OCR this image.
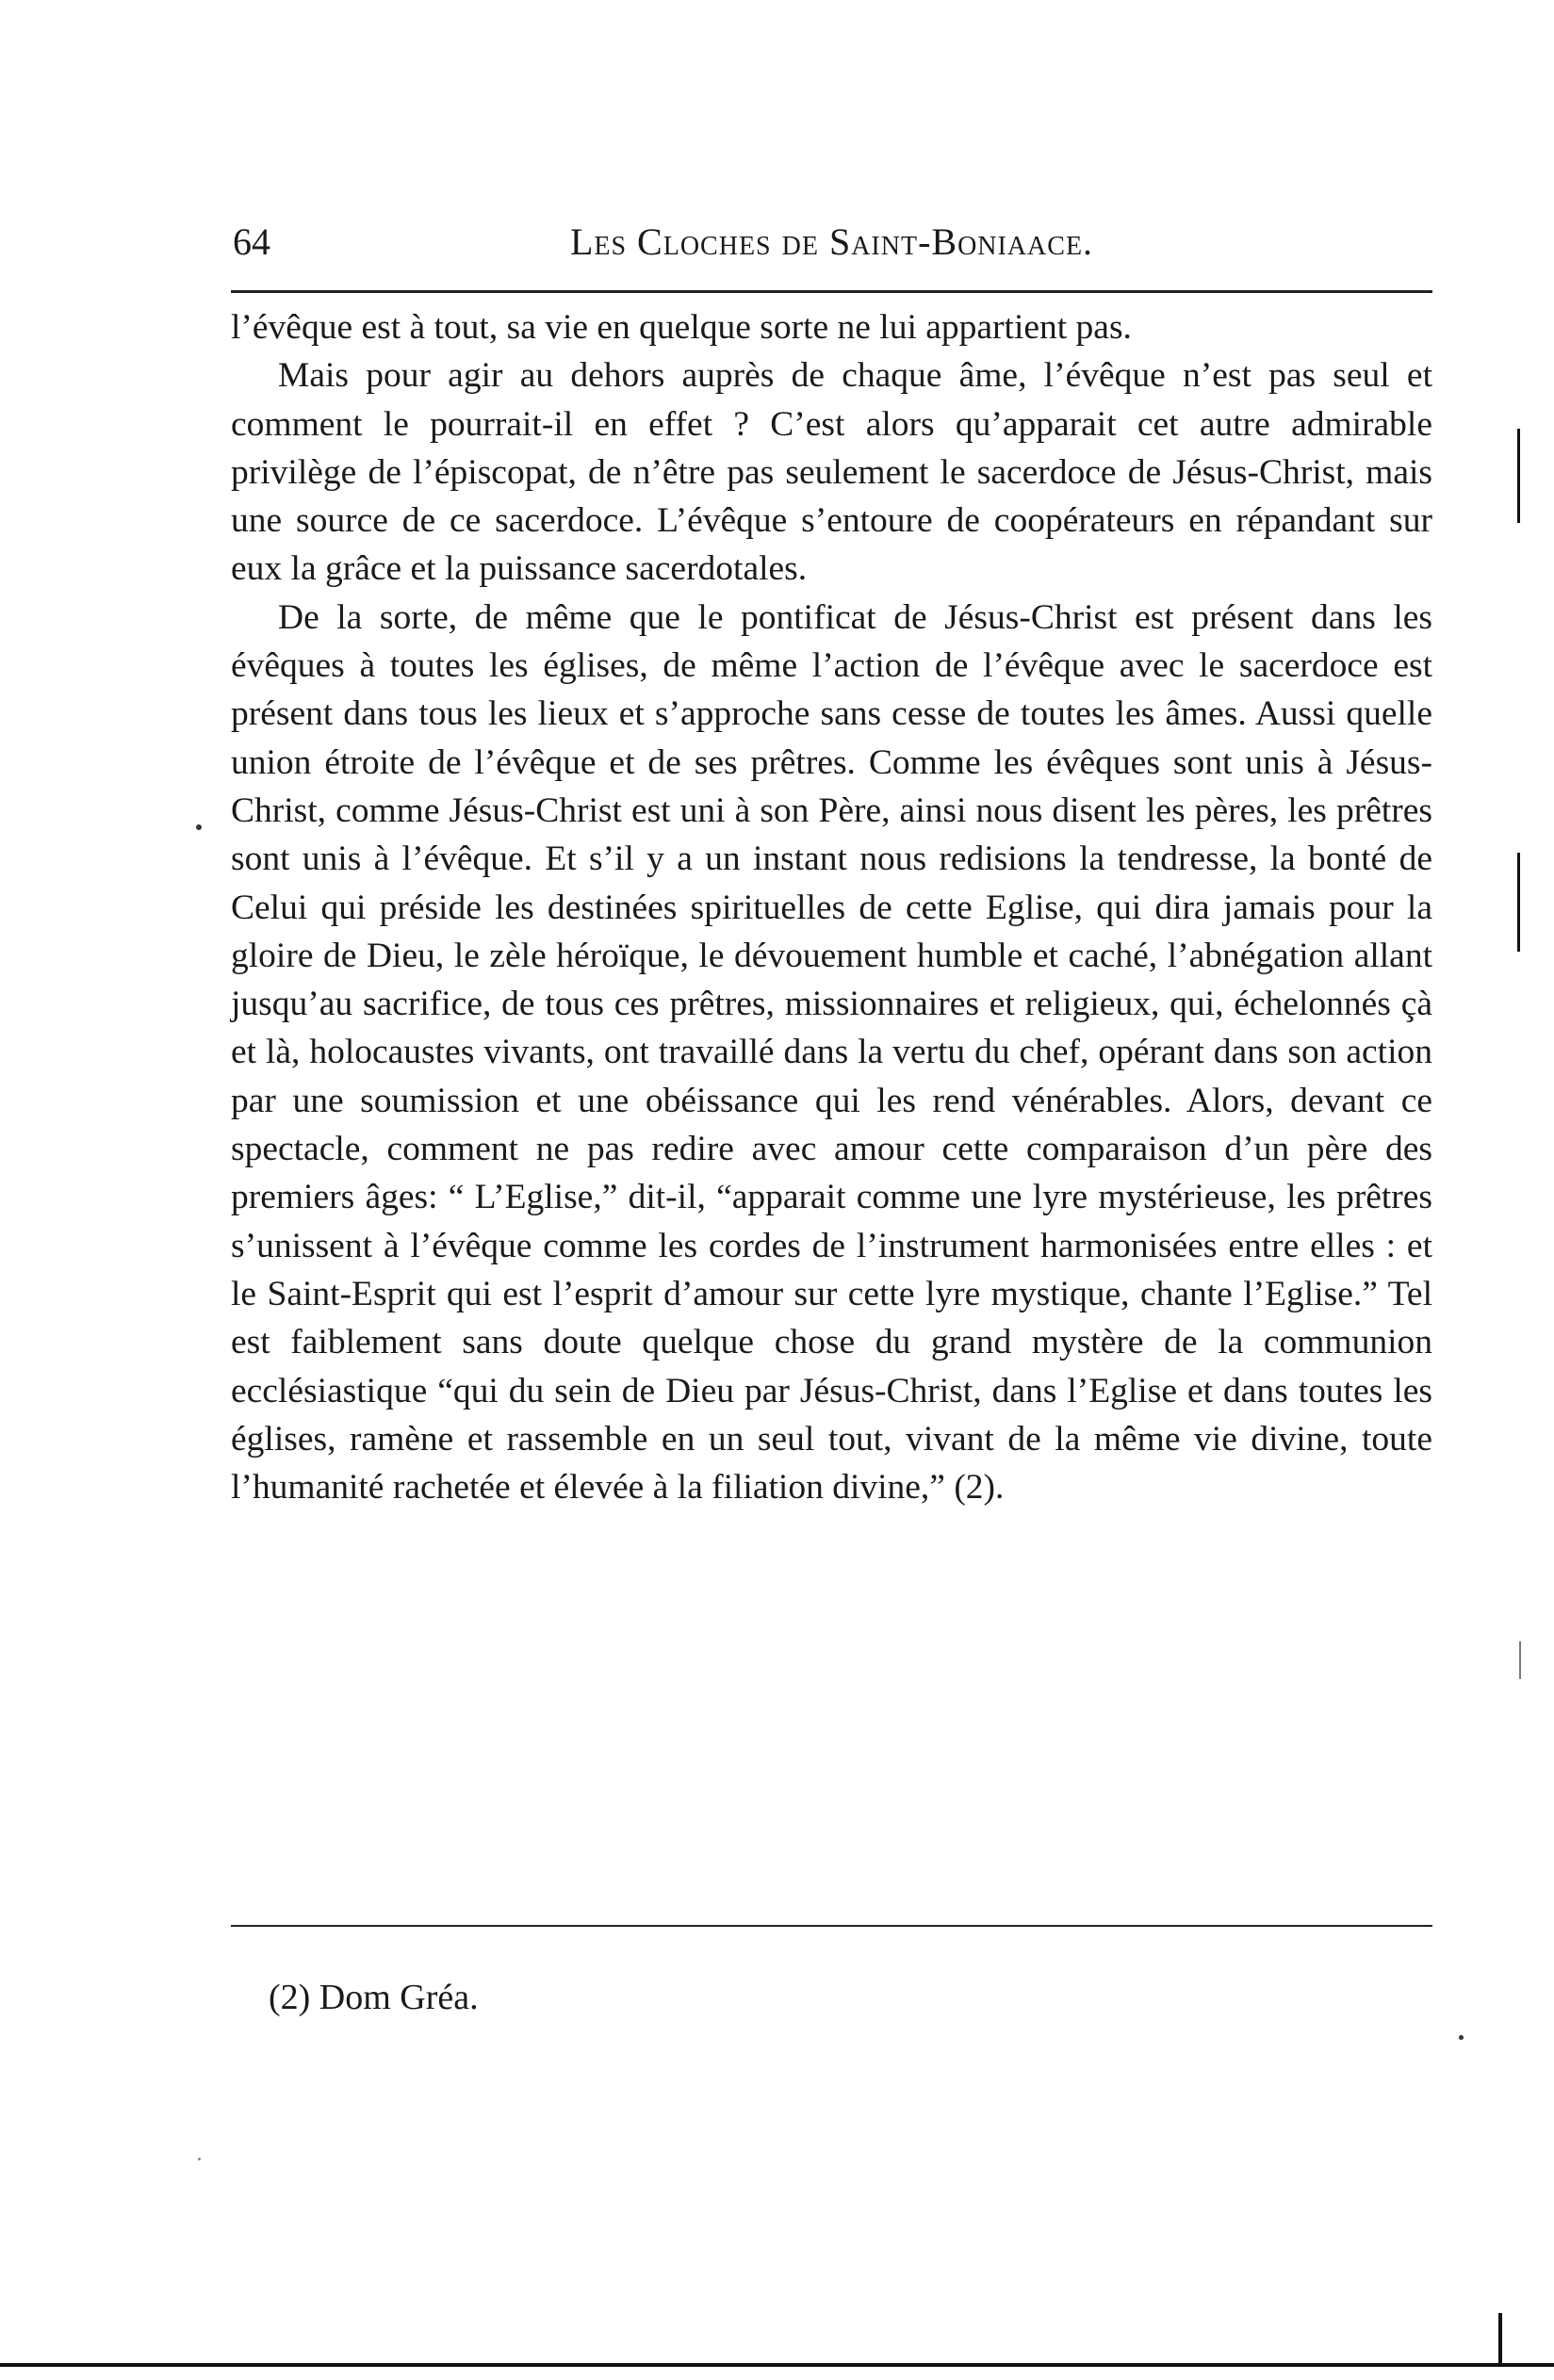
64	Les Cloches de Saint-Boniaace.

l’évêque est à tout, sa vie en quelque sorte ne lui appartient pas.

Mais pour agir au dehors auprès de chaque âme, l’évêque n’est pas seul et comment le pourrait-il en effet ? C’est alors qu’apparait cet autre admirable privilège de l’épiscopat, de n’être pas seulement le sacerdoce de Jésus-Christ, mais une source de ce sacerdoce. L’évêque s’entoure de coopérateurs en répandant sur eux la grâce et la puissance sacerdotales.

De la sorte, de même que le pontificat de Jésus-Christ est présent dans les évêques à toutes les églises, de même l’action de l’évêque avec le sacerdoce est présent dans tous les lieux et s’approche sans cesse de toutes les âmes. Aussi quelle union étroite de l’évêque et de ses prêtres. Comme les évêques sont unis à Jésus-Christ, comme Jésus-Christ est uni à son Père, ainsi nous disent les pères, les prêtres sont unis à l’évêque. Et s’il y a un instant nous redisions la tendresse, la bonté de Celui qui préside les destinées spirituelles de cette Eglise, qui dira jamais pour la gloire de Dieu, le zèle héroïque, le dévouement humble et caché, l’abnégation allant jusqu’au sacrifice, de tous ces prêtres, missionnaires et religieux, qui, échelonnés çà et là, holocaustes vivants, ont travaillé dans la vertu du chef, opérant dans son action par une soumission et une obéissance qui les rend vénérables. Alors, devant ce spectacle, comment ne pas redire avec amour cette comparaison d’un père des premiers âges: “ L’Eglise,” dit-il, “apparait comme une lyre mystérieuse, les prêtres s’unissent à l’évêque comme les cordes de l’instrument harmonisées entre elles : et le Saint-Esprit qui est l’esprit d’amour sur cette lyre mystique, chante l’Eglise.” Tel est faiblement sans doute quelque chose du grand mystère de la communion ecclésiastique “qui du sein de Dieu par Jésus-Christ, dans l’Eglise et dans toutes les églises, ramène et rassemble en un seul tout, vivant de la même vie divine, toute l’humanité rachetée et élevée à la filiation divine,” (2).

(2) Dom Gréa.
